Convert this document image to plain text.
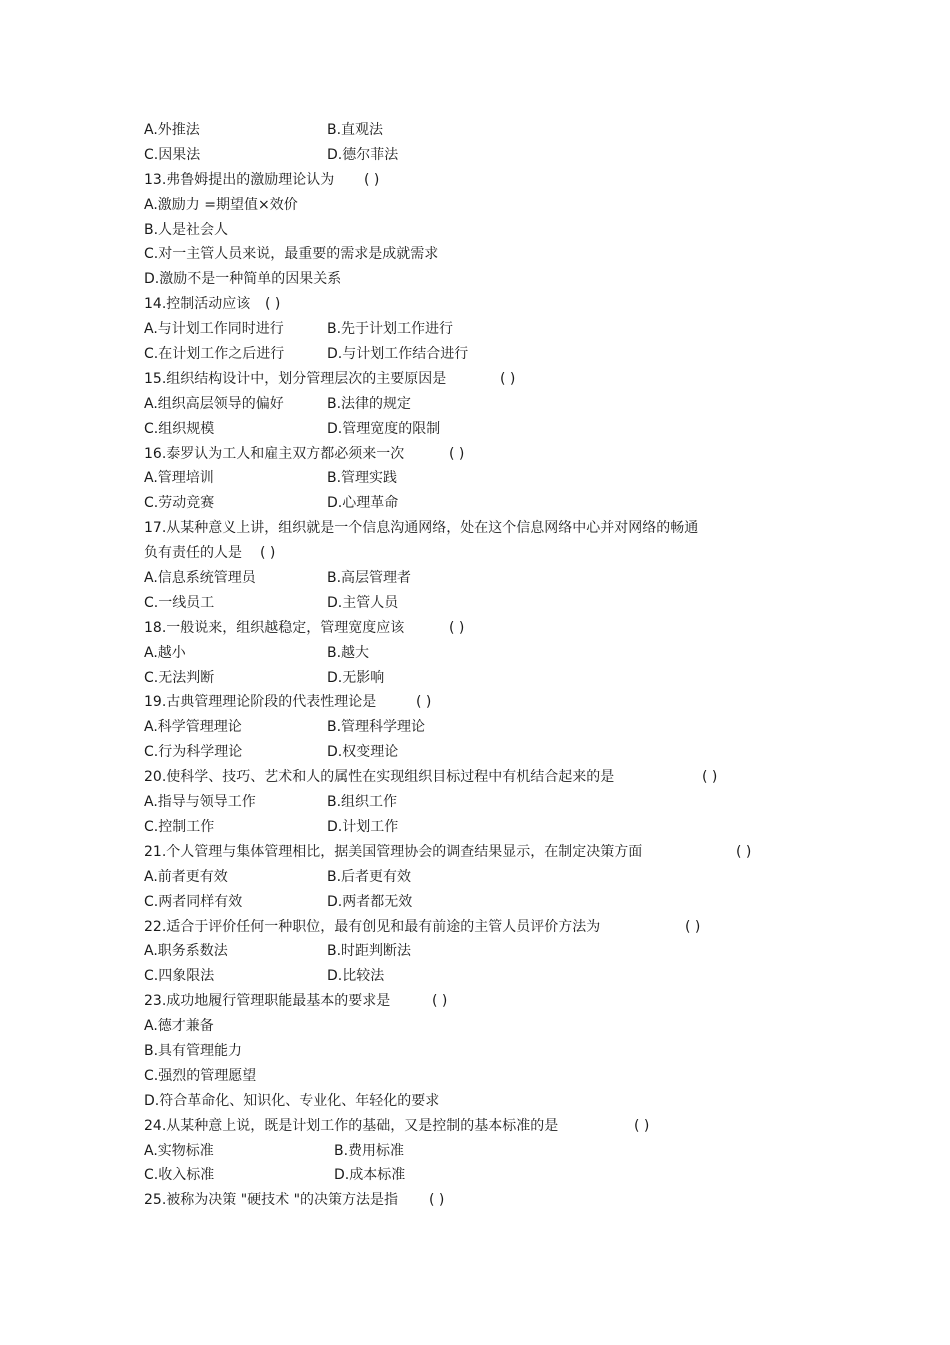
A.外推法	B.直观法
C.因果法	D.德尔菲法
13.弗鲁姆提出的激励理论认为 ( )
A.激励力 =期望值×效价
B.人是社会人
C.对一主管人员来说，最重要的需求是成就需求
D.激励不是一种简单的因果关系
14.控制活动应该 ( )
A.与计划工作同时进行	B.先于计划工作进行
C.在计划工作之后进行	D.与计划工作结合进行
15.组织结构设计中，划分管理层次的主要原因是	( )
A.组织高层领导的偏好	B.法律的规定
C.组织规模	D.管理宽度的限制
16.泰罗认为工人和雇主双方都必须来一次	( )
A.管理培训	B.管理实践
C.劳动竞赛	D.心理革命
17.从某种意义上讲，组织就是一个信息沟通网络，处在这个信息网络中心并对网络的畅通
负有责任的人是 ( )
A.信息系统管理员	B.高层管理者
C.一线员工	D.主管人员
18.一般说来，组织越稳定，管理宽度应该	( )
A.越小	B.越大
C.无法判断	D.无影响
19.古典管理理论阶段的代表性理论是	( )
A.科学管理理论	B.管理科学理论
C.行为科学理论	D.权变理论
20.使科学、技巧、艺术和人的属性在实现组织目标过程中有机结合起来的是	( )
A.指导与领导工作	B.组织工作
C.控制工作	D.计划工作
21.个人管理与集体管理相比，据美国管理协会的调查结果显示，在制定决策方面	( )
A.前者更有效	B.后者更有效
C.两者同样有效	D.两者都无效
22.适合于评价任何一种职位，最有创见和最有前途的主管人员评价方法为	( )
A.职务系数法	B.时距判断法
C.四象限法	D.比较法
23.成功地履行管理职能最基本的要求是	( )
A.德才兼备
B.具有管理能力
C.强烈的管理愿望
D.符合革命化、知识化、专业化、年轻化的要求
24.从某种意上说，既是计划工作的基础，又是控制的基本标准的是	( )
A.实物标准	B.费用标准
C.收入标准	D.成本标准
25.被称为决策 "硬技术 "的决策方法是指 ( )
